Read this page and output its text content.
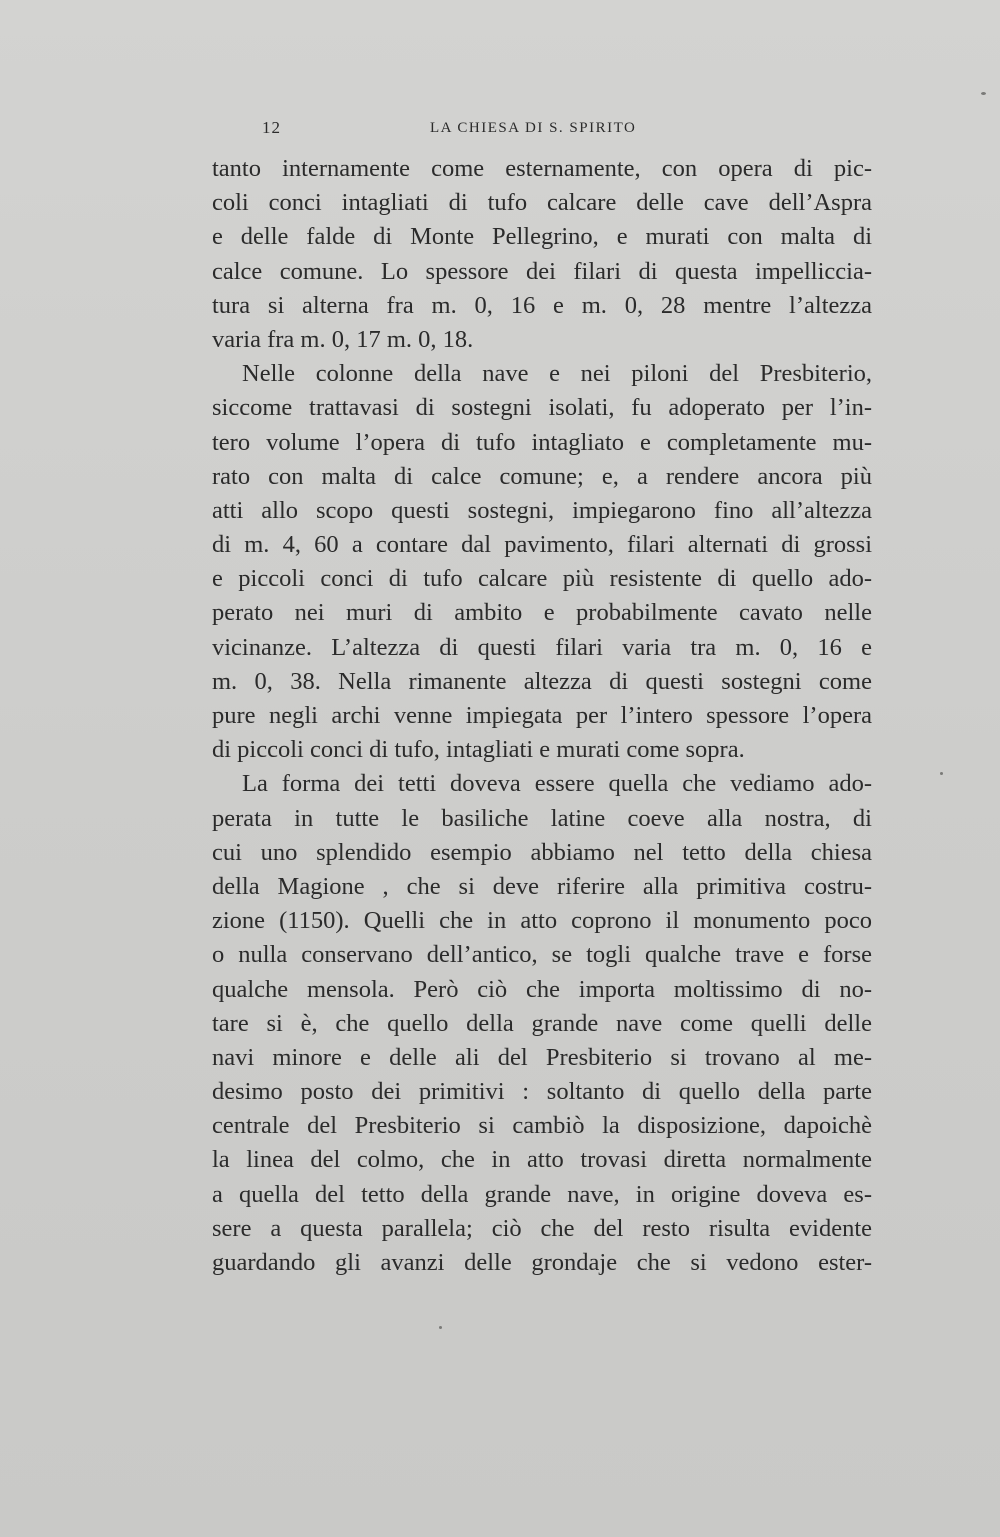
12	LA CHIESA DI S. SPIRITO
tanto internamente come esternamente, con opera di pic-
coli conci intagliati di tufo calcare delle cave dell’Aspra
e delle falde di Monte Pellegrino, e murati con malta di
calce comune. Lo spessore dei filari di questa impelliccia-
tura si alterna fra m. 0, 16 e m. 0, 28 mentre l’altezza
varia fra m. 0, 17 m. 0, 18.
Nelle colonne della nave e nei piloni del Presbiterio,
siccome trattavasi di sostegni isolati, fu adoperato per l’in-
tero volume l’opera di tufo intagliato e completamente mu-
rato con malta di calce comune; e, a rendere ancora più
atti allo scopo questi sostegni, impiegarono fino all’altezza
di m. 4, 60 a contare dal pavimento, filari alternati di grossi
e piccoli conci di tufo calcare più resistente di quello ado-
perato nei muri di ambito e probabilmente cavato nelle
vicinanze. L’altezza di questi filari varia tra m. 0, 16 e
m. 0, 38. Nella rimanente altezza di questi sostegni come
pure negli archi venne impiegata per l’intero spessore l’opera
di piccoli conci di tufo, intagliati e murati come sopra.
La forma dei tetti doveva essere quella che vediamo ado-
perata in tutte le basiliche latine coeve alla nostra, di
cui uno splendido esempio abbiamo nel tetto della chiesa
della Magione , che si deve riferire alla primitiva costru-
zione (1150). Quelli che in atto coprono il monumento poco
o nulla conservano dell’antico, se togli qualche trave e forse
qualche mensola. Però ciò che importa moltissimo di no-
tare si è, che quello della grande nave come quelli delle
navi minore e delle ali del Presbiterio si trovano al me-
desimo posto dei primitivi : soltanto di quello della parte
centrale del Presbiterio si cambiò la disposizione, dapoichè
la linea del colmo, che in atto trovasi diretta normalmente
a quella del tetto della grande nave, in origine doveva es-
sere a questa parallela; ciò che del resto risulta evidente
guardando gli avanzi delle grondaje che si vedono ester-
